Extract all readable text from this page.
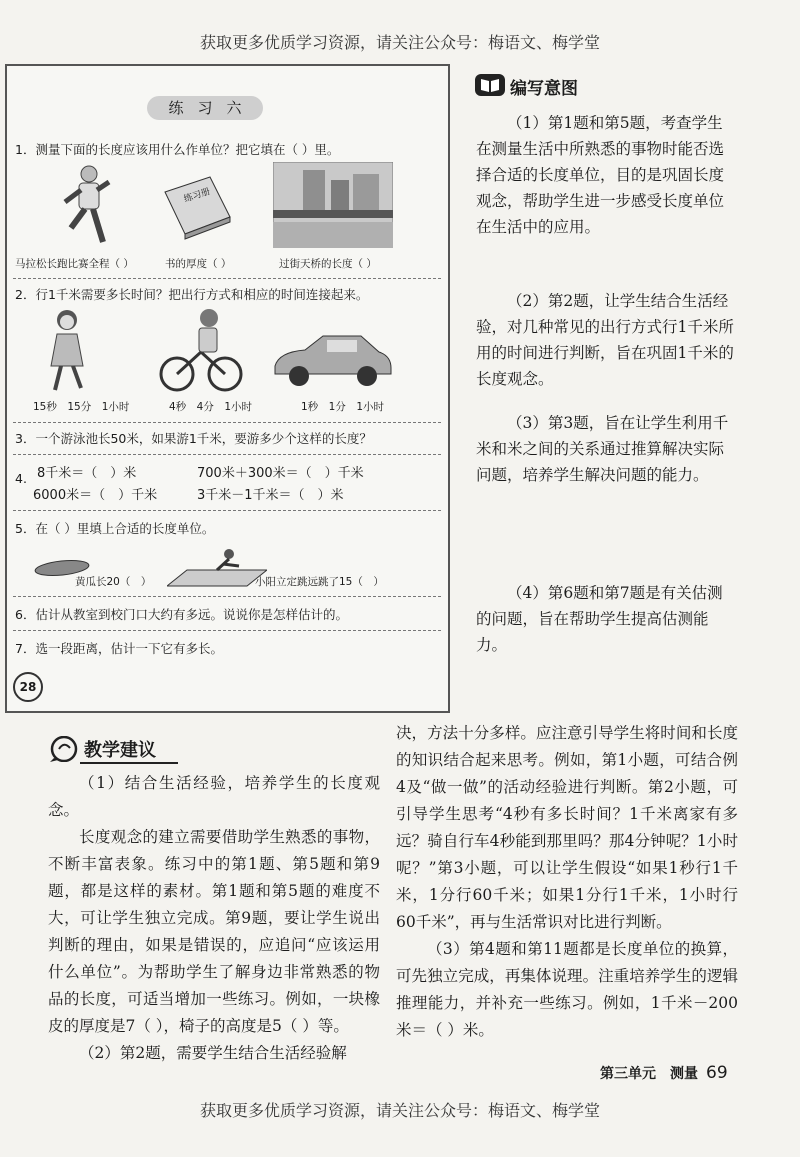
获取更多优质学习资源，请关注公众号：梅语文、梅学堂
练习六
1．测量下面的长度应该用什么作单位？把它填在（ ）里。
练习册
马拉松长跑比赛全程（ ）	书的厚度（ ）	过街天桥的长度（ ）
2．行1千米需要多长时间？把出行方式和相应的时间连接起来。
15秒　15分　1小时	4秒　4分　1小时	1秒　1分　1小时
3．一个游泳池长50米，如果游1千米，要游多少个这样的长度？
4. 8千米＝（　）米	700米＋300米＝（　）千米
6000米＝（　）千米	3千米－1千米＝（　）米
5．在（ ）里填上合适的长度单位。
黄瓜长20（　）	小阳立定跳远跳了15（　）
6．估计从教室到校门口大约有多远。说说你是怎样估计的。
7．选一段距离，估计一下它有多长。
28
编写意图
（1）第1题和第5题，考查学生在测量生活中所熟悉的事物时能否选择合适的长度单位，目的是巩固长度观念，帮助学生进一步感受长度单位在生活中的应用。
（2）第2题，让学生结合生活经验，对几种常见的出行方式行1千米所用的时间进行判断，旨在巩固1千米的长度观念。
（3）第3题，旨在让学生利用千米和米之间的关系通过推算解决实际问题，培养学生解决问题的能力。
（4）第6题和第7题是有关估测的问题，旨在帮助学生提高估测能力。
教学建议

（1）结合生活经验，培养学生的长度观念。

长度观念的建立需要借助学生熟悉的事物，不断丰富表象。练习中的第1题、第5题和第9题，都是这样的素材。第1题和第5题的难度不大，可让学生独立完成。第9题，要让学生说出判断的理由，如果是错误的，应追问“应该运用什么单位”。为帮助学生了解身边非常熟悉的物品的长度，可适当增加一些练习。例如，一块橡皮的厚度是7（ ），椅子的高度是5（ ）等。

（2）第2题，需要学生结合生活经验解

决，方法十分多样。应注意引导学生将时间和长度的知识结合起来思考。例如，第1小题，可结合例4及“做一做”的活动经验进行判断。第2小题，可引导学生思考“4秒有多长时间？1千米离家有多远？骑自行车4秒能到那里吗？那4分钟呢？1小时呢？”第3小题，可以让学生假设“如果1秒行1千米，1分行60千米；如果1分行1千米，1小时行60千米”，再与生活常识对比进行判断。

（3）第4题和第11题都是长度单位的换算，可先独立完成，再集体说理。注重培养学生的逻辑推理能力，并补充一些练习。例如，1千米－200米＝（ ）米。

第三单元　测量 69
获取更多优质学习资源，请关注公众号：梅语文、梅学堂
